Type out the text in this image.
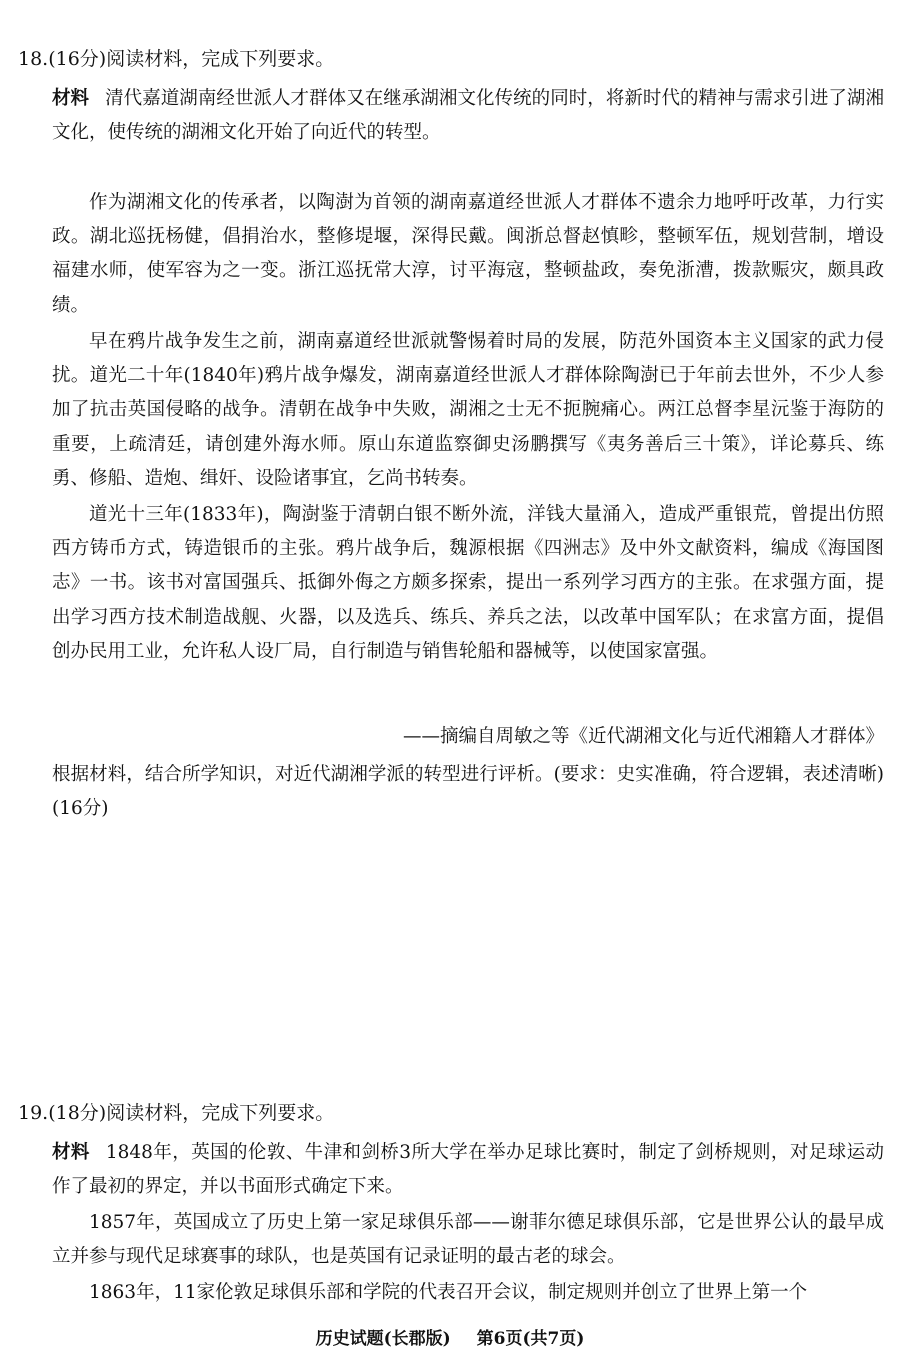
18.(16分)阅读材料，完成下列要求。
材料 清代嘉道湖南经世派人才群体又在继承湖湘文化传统的同时，将新时代的精神与需求引进了湖湘文化，使传统的湖湘文化开始了向近代的转型。
作为湖湘文化的传承者，以陶澍为首领的湖南嘉道经世派人才群体不遗余力地呼吁改革，力行实政。湖北巡抚杨健，倡捐治水，整修堤堰，深得民戴。闽浙总督赵慎畛，整顿军伍，规划营制，增设福建水师，使军容为之一变。浙江巡抚常大淳，讨平海寇，整顿盐政，奏免浙漕，拨款赈灾，颇具政绩。
早在鸦片战争发生之前，湖南嘉道经世派就警惕着时局的发展，防范外国资本主义国家的武力侵扰。道光二十年(1840年)鸦片战争爆发，湖南嘉道经世派人才群体除陶澍已于年前去世外，不少人参加了抗击英国侵略的战争。清朝在战争中失败，湖湘之士无不扼腕痛心。两江总督李星沅鉴于海防的重要，上疏清廷，请创建外海水师。原山东道监察御史汤鹏撰写《夷务善后三十策》，详论募兵、练勇、修船、造炮、缉奸、设险诸事宜，乞尚书转奏。
道光十三年(1833年)，陶澍鉴于清朝白银不断外流，洋钱大量涌入，造成严重银荒，曾提出仿照西方铸币方式，铸造银币的主张。鸦片战争后，魏源根据《四洲志》及中外文献资料，编成《海国图志》一书。该书对富国强兵、抵御外侮之方颇多探索，提出一系列学习西方的主张。在求强方面，提出学习西方技术制造战舰、火器，以及选兵、练兵、养兵之法，以改革中国军队；在求富方面，提倡创办民用工业，允许私人设厂局，自行制造与销售轮船和器械等，以使国家富强。
——摘编自周敏之等《近代湖湘文化与近代湘籍人才群体》
根据材料，结合所学知识，对近代湖湘学派的转型进行评析。(要求：史实准确，符合逻辑，表述清晰)(16分)
19.(18分)阅读材料，完成下列要求。
材料 1848年，英国的伦敦、牛津和剑桥3所大学在举办足球比赛时，制定了剑桥规则，对足球运动作了最初的界定，并以书面形式确定下来。
1857年，英国成立了历史上第一家足球俱乐部——谢菲尔德足球俱乐部，它是世界公认的最早成立并参与现代足球赛事的球队，也是英国有记录证明的最古老的球会。
1863年，11家伦敦足球俱乐部和学院的代表召开会议，制定规则并创立了世界上第一个
历史试题(长郡版) 第6页(共7页)
